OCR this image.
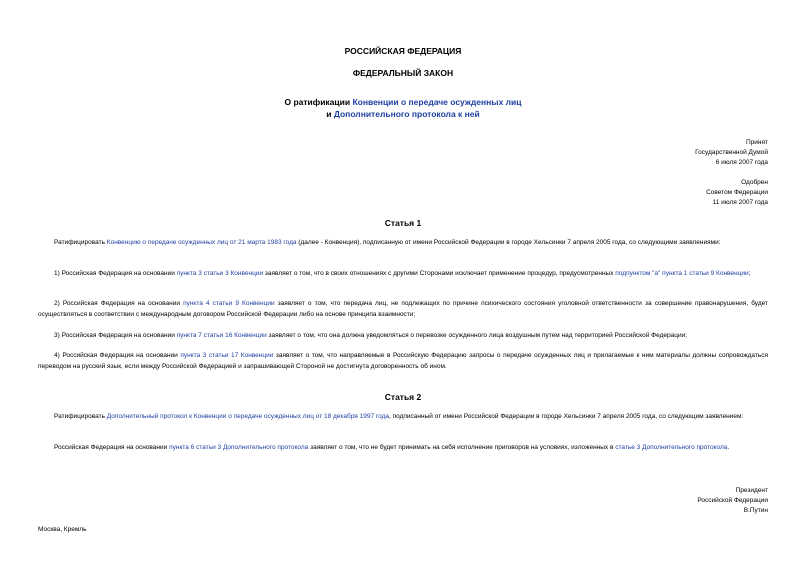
РОССИЙСКАЯ ФЕДЕРАЦИЯ
ФЕДЕРАЛЬНЫЙ ЗАКОН
О ратификации Конвенции о передаче осужденных лиц
и Дополнительного протокола к ней
Принят
Государственной Думой
6 июля 2007 года
Одобрен
Советом Федерации
11 июля 2007 года
Статья 1
Ратифицировать Конвенцию о передаче осужденных лиц от 21 марта 1983 года (далее - Конвенция), подписанную от имени Российской Федерации в городе Хельсинки 7 апреля 2005 года, со следующими заявлениями:
1) Российская Федерация на основании пункта 3 статьи 3 Конвенции заявляет о том, что в своих отношениях с другими Сторонами исключает применение процедур, предусмотренных подпунктом "а" пункта 1 статьи 9 Конвенции;
2) Российская Федерация на основании пункта 4 статьи 9 Конвенции заявляет о том, что передача лиц, не подлежащих по причине психического состояния уголовной ответственности за совершение правонарушения, будет осуществляться в соответствии с международным договором Российской Федерации либо на основе принципа взаимности;
3) Российская Федерация на основании пункта 7 статьи 16 Конвенции заявляет о том, что она должна уведомляться о перевозке осужденного лица воздушным путем над территорией Российской Федерации;
4) Российская Федерация на основании пункта 3 статьи 17 Конвенции заявляет о том, что направляемые в Российскую Федерацию запросы о передаче осужденных лиц и прилагаемые к ним материалы должны сопровождаться переводом на русский язык, если между Российской Федерацией и запрашивающей Стороной не достигнута договоренность об ином.
Статья 2
Ратифицировать Дополнительный протокол к Конвенции о передаче осужденных лиц от 18 декабря 1997 года, подписанный от имени Российской Федерации в городе Хельсинки 7 апреля 2005 года, со следующим заявлением:
Российская Федерация на основании пункта 6 статьи 3 Дополнительного протокола заявляет о том, что не будет принимать на себя исполнение приговоров на условиях, изложенных в статье 3 Дополнительного протокола.
Президент
Российской Федерации
В.Путин
Москва, Кремль
